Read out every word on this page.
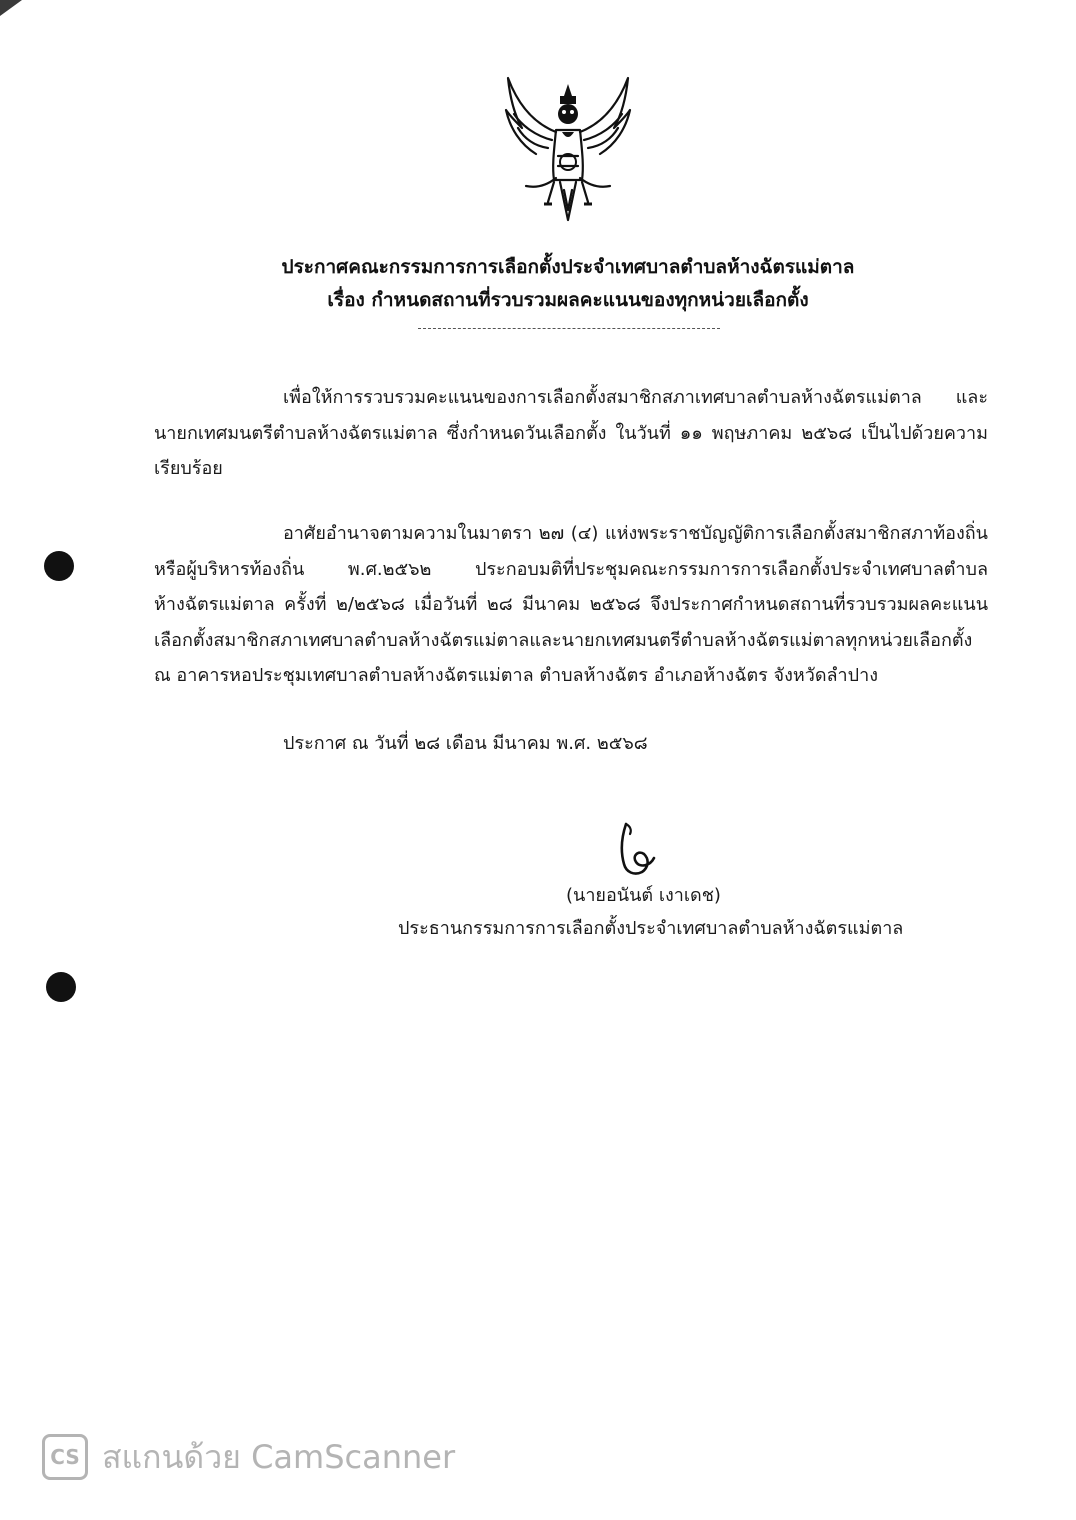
ประกาศคณะกรรมการการเลือกตั้งประจำเทศบาลตำบลห้างฉัตรแม่ตาล
เรื่อง กำหนดสถานที่รวบรวมผลคะแนนของทุกหน่วยเลือกตั้ง
เพื่อให้การรวบรวมคะแนนของการเลือกตั้งสมาชิกสภาเทศบาลตำบลห้างฉัตรแม่ตาล และ
นายกเทศมนตรีตำบลห้างฉัตรแม่ตาล ซึ่งกำหนดวันเลือกตั้ง ในวันที่ ๑๑ พฤษภาคม ๒๕๖๘ เป็นไปด้วยความ
เรียบร้อย
อาศัยอำนาจตามความในมาตรา ๒๗ (๔) แห่งพระราชบัญญัติการเลือกตั้งสมาชิกสภาท้องถิ่น
หรือผู้บริหารท้องถิ่น พ.ศ.๒๕๖๒ ประกอบมติที่ประชุมคณะกรรมการการเลือกตั้งประจำเทศบาลตำบล
ห้างฉัตรแม่ตาล ครั้งที่ ๒/๒๕๖๘ เมื่อวันที่ ๒๘ มีนาคม ๒๕๖๘ จึงประกาศกำหนดสถานที่รวบรวมผลคะแนน
เลือกตั้งสมาชิกสภาเทศบาลตำบลห้างฉัตรแม่ตาลและนายกเทศมนตรีตำบลห้างฉัตรแม่ตาลทุกหน่วยเลือกตั้ง
ณ อาคารหอประชุมเทศบาลตำบลห้างฉัตรแม่ตาล ตำบลห้างฉัตร อำเภอห้างฉัตร จังหวัดลำปาง
ประกาศ ณ วันที่ ๒๘ เดือน มีนาคม พ.ศ. ๒๕๖๘
(นายอนันต์ เงาเดช)
ประธานกรรมการการเลือกตั้งประจำเทศบาลตำบลห้างฉัตรแม่ตาล
CS สแกนด้วย CamScanner
